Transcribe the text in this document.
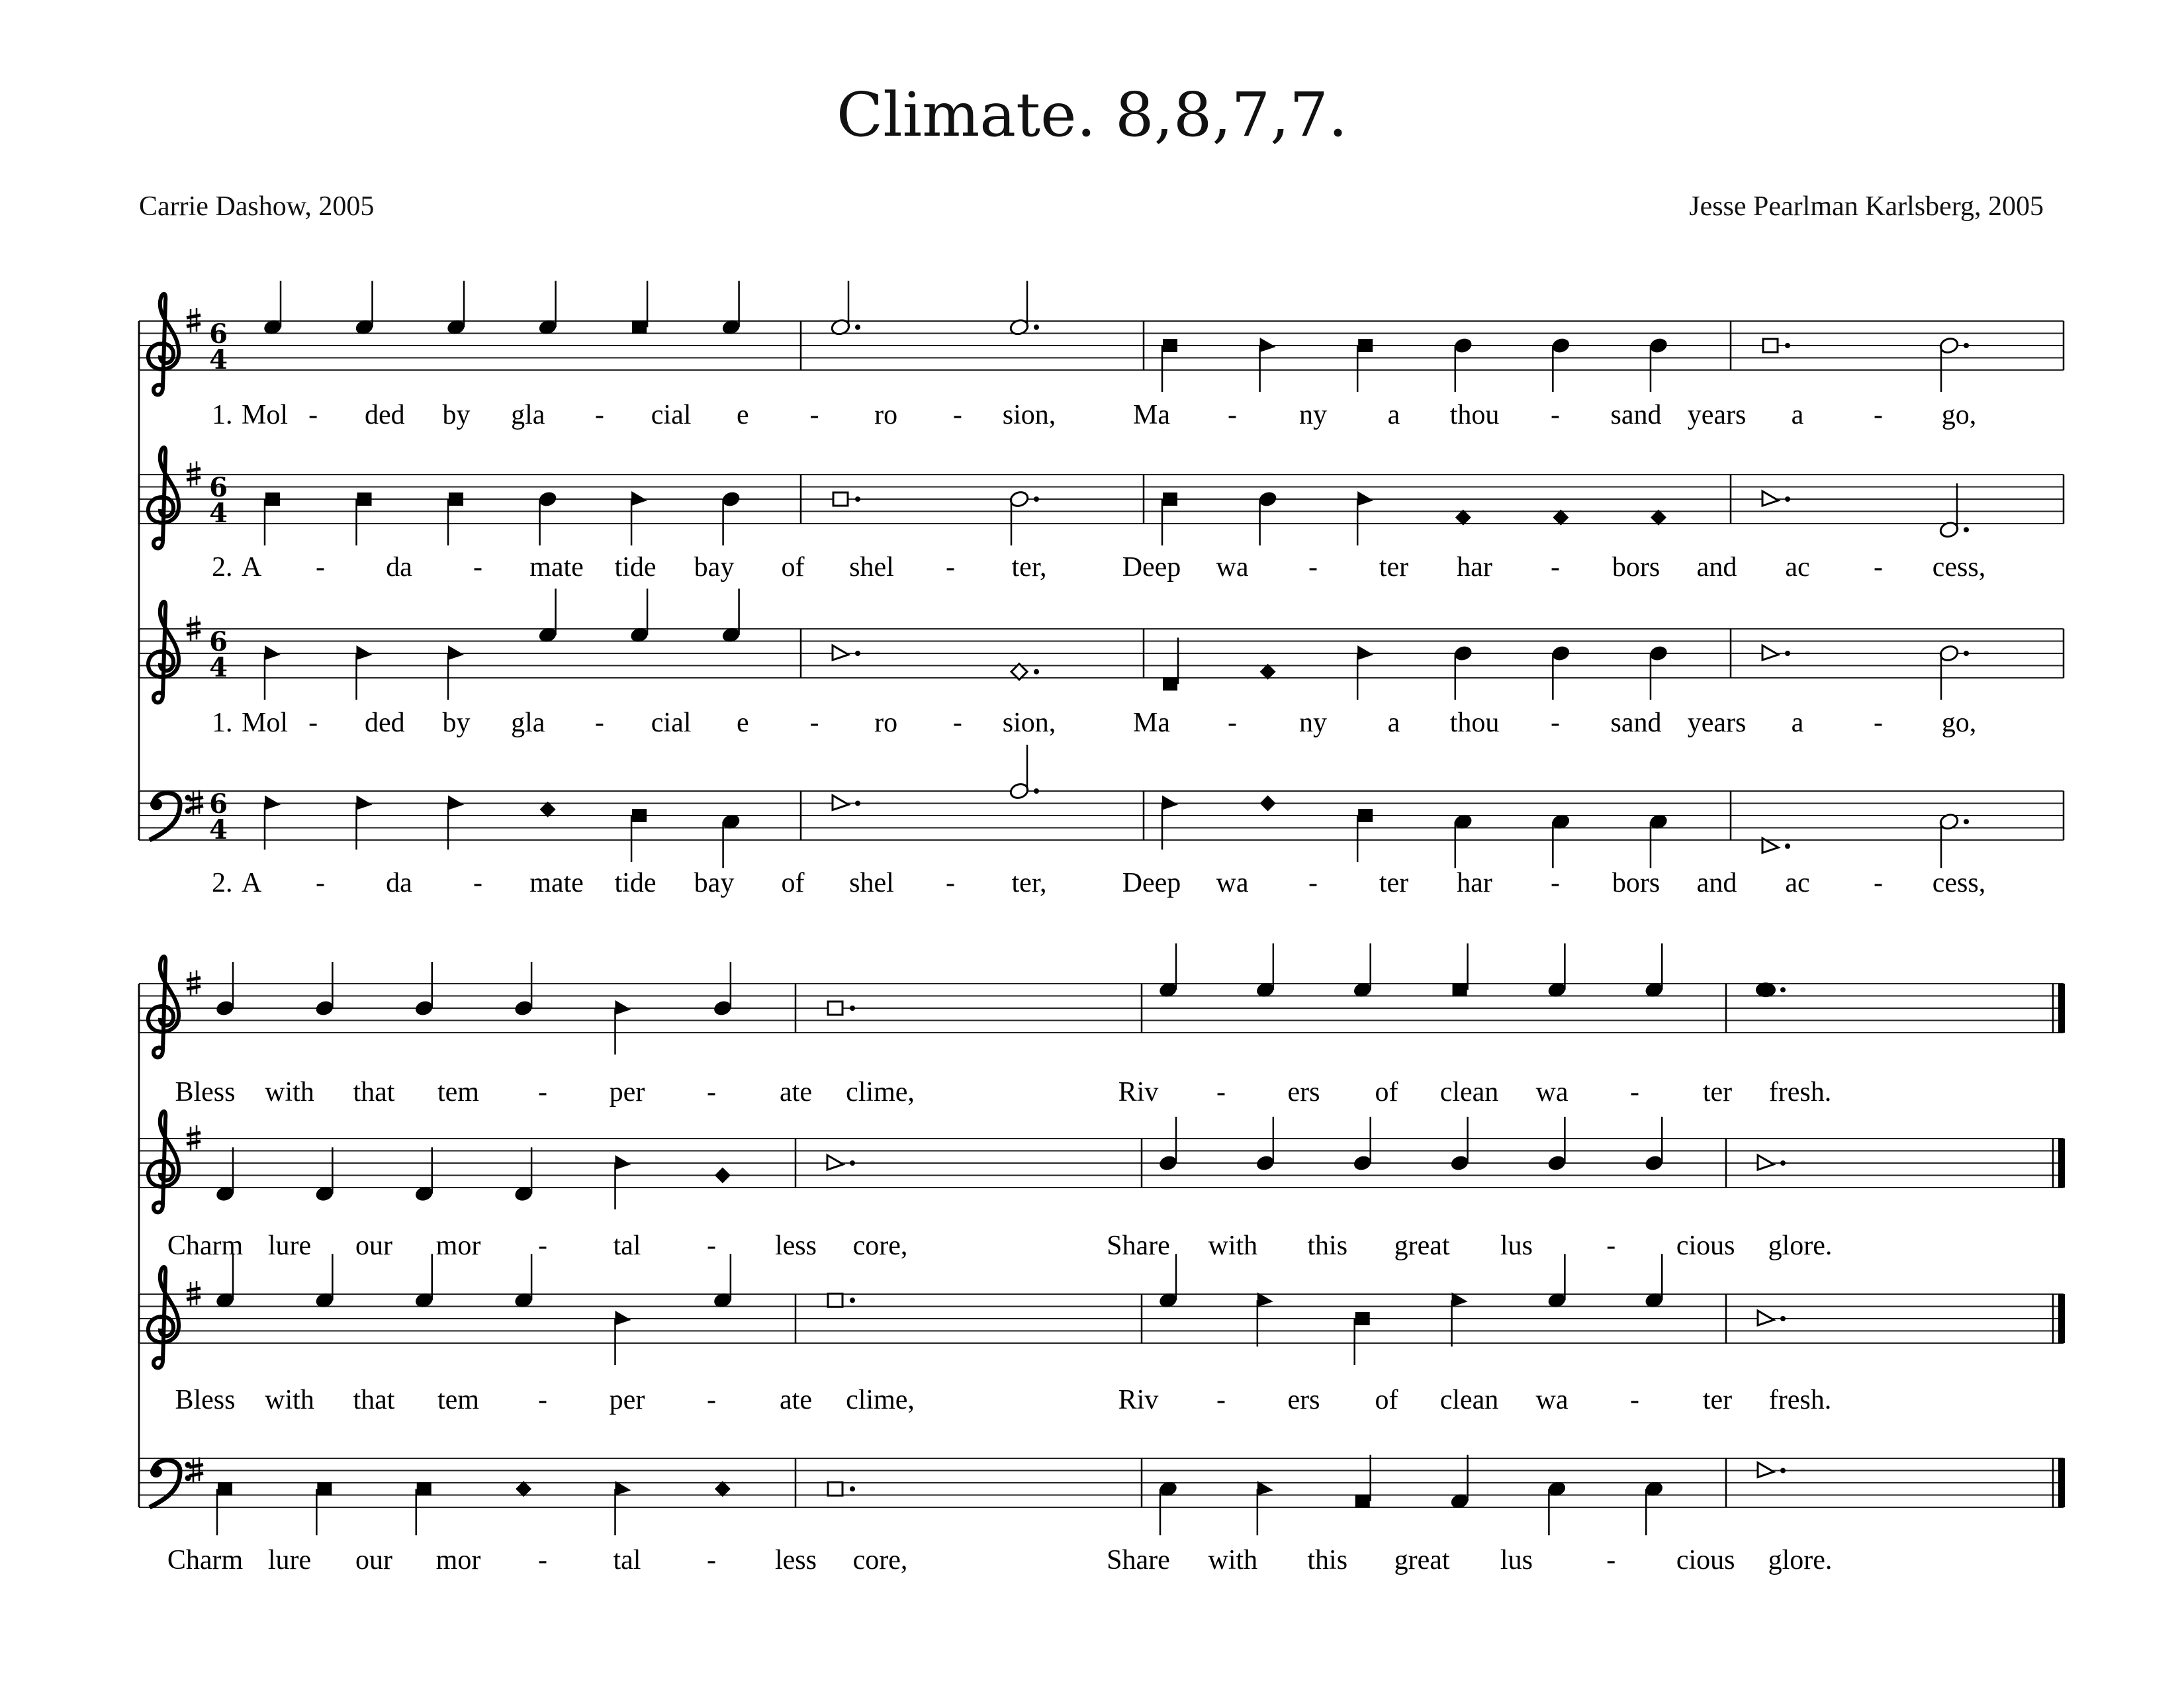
Climate. 8,8,7,7.
Carrie Dashow, 2005	Jesse Pearlman Karlsberg, 2005
6
4
1. Mol - ded by gla - cial e - ro - sion,	Ma - ny a thou - sand years a	- go,
6
4
2. A - da - mate tide bay of shel - ter,	Deep wa - ter har - bors and ac - cess,
6
4
1. Mol - ded by gla - cial e - ro - sion,	Ma - ny a thou - sand years a	- go,
6
4
2. A - da - mate tide bay of shel - ter,	Deep wa - ter har - bors and ac - cess,
Bless with that tem - per - ate clime,	Riv - ers of clean wa - ter fresh.
Charm lure our mor - tal - less core,	Share with this great lus	- cious glore.
Bless with that tem - per - ate clime,	Riv - ers of clean wa - ter fresh.
Charm lure our mor - tal - less core,	Share with this great lus	- cious glore.
